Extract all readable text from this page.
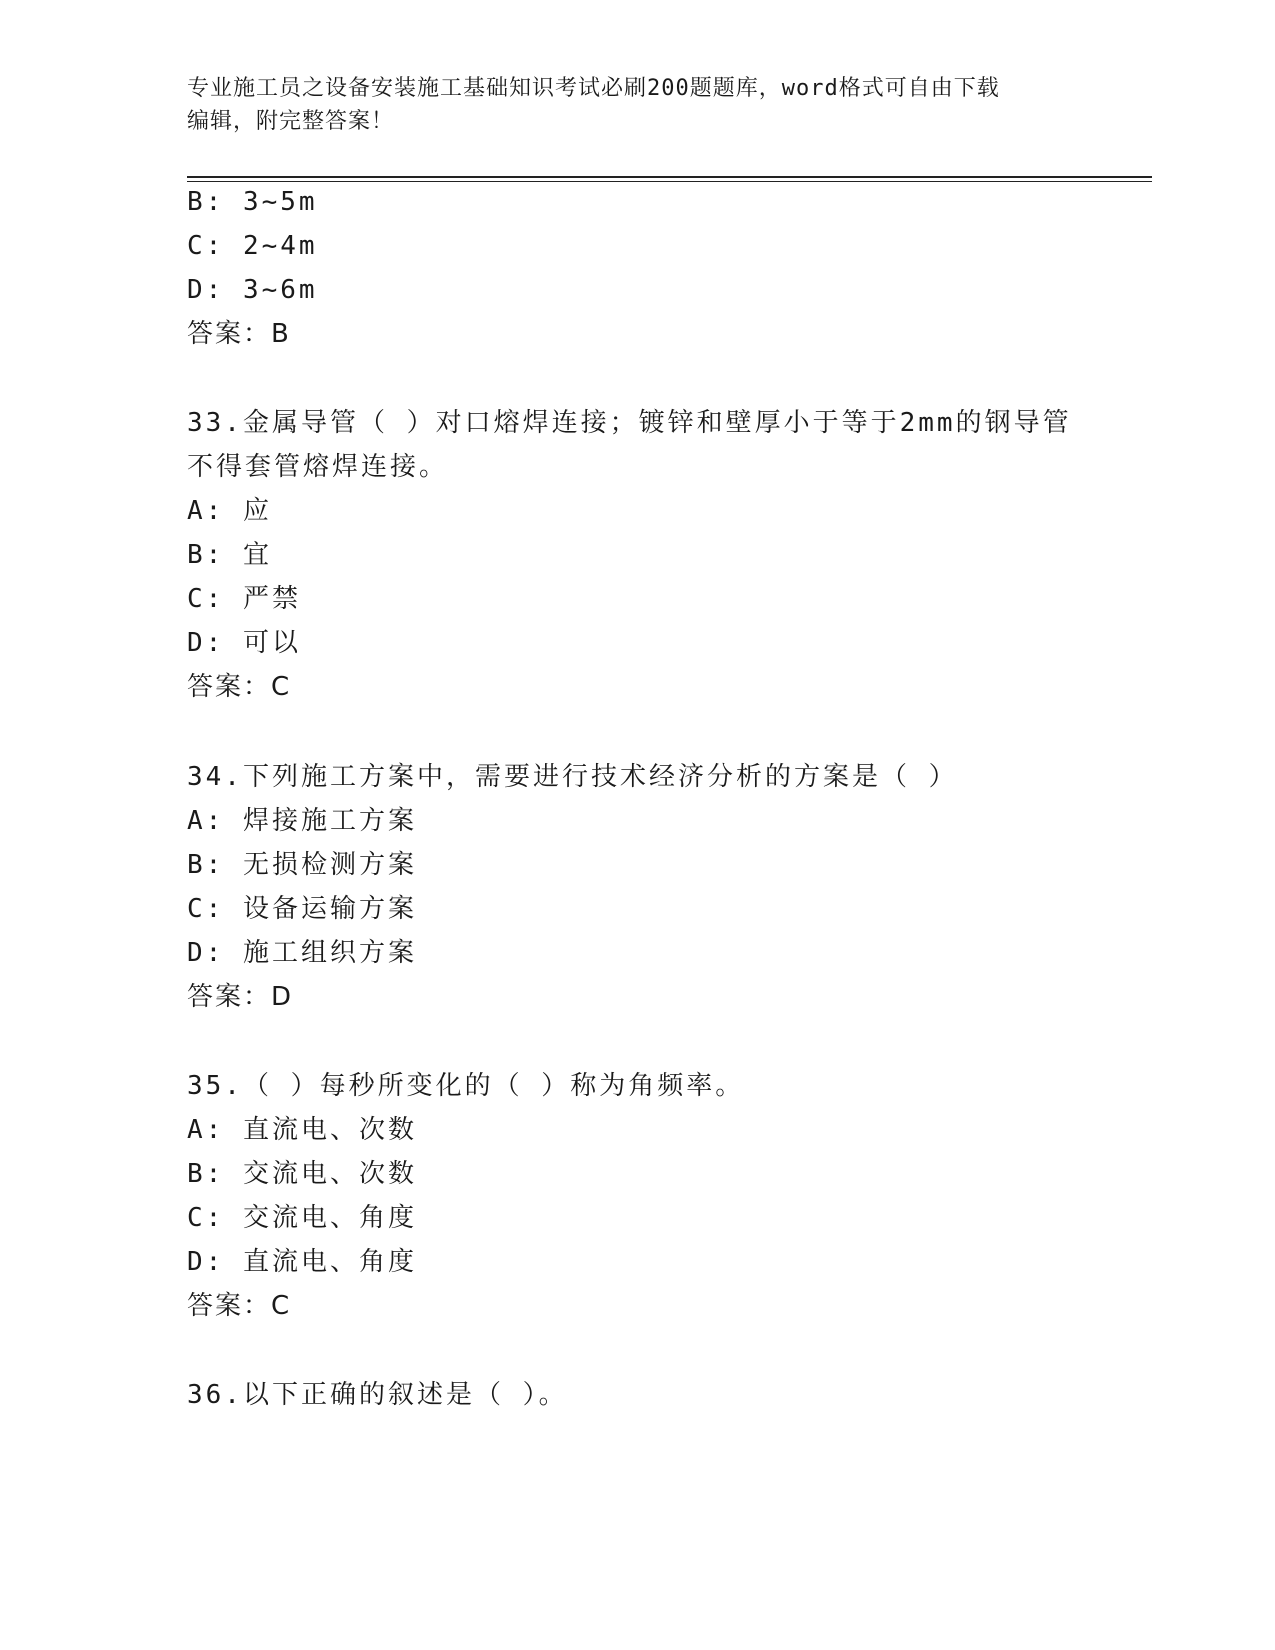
专业施工员之设备安装施工基础知识考试必刷200题题库，word格式可自由下载
编辑，附完整答案！
B: 3~5m
C: 2~4m
D: 3~6m
答案：B
33.金属导管（ ）对口熔焊连接；镀锌和壁厚小于等于2mm的钢导管
不得套管熔焊连接。
A: 应
B: 宜
C: 严禁
D: 可以
答案：C
34.下列施工方案中，需要进行技术经济分析的方案是（ ）
A: 焊接施工方案
B: 无损检测方案
C: 设备运输方案
D: 施工组织方案
答案：D
35.（ ）每秒所变化的（ ）称为角频率。
A: 直流电、次数
B: 交流电、次数
C: 交流电、角度
D: 直流电、角度
答案：C
36.以下正确的叙述是（ ）。
